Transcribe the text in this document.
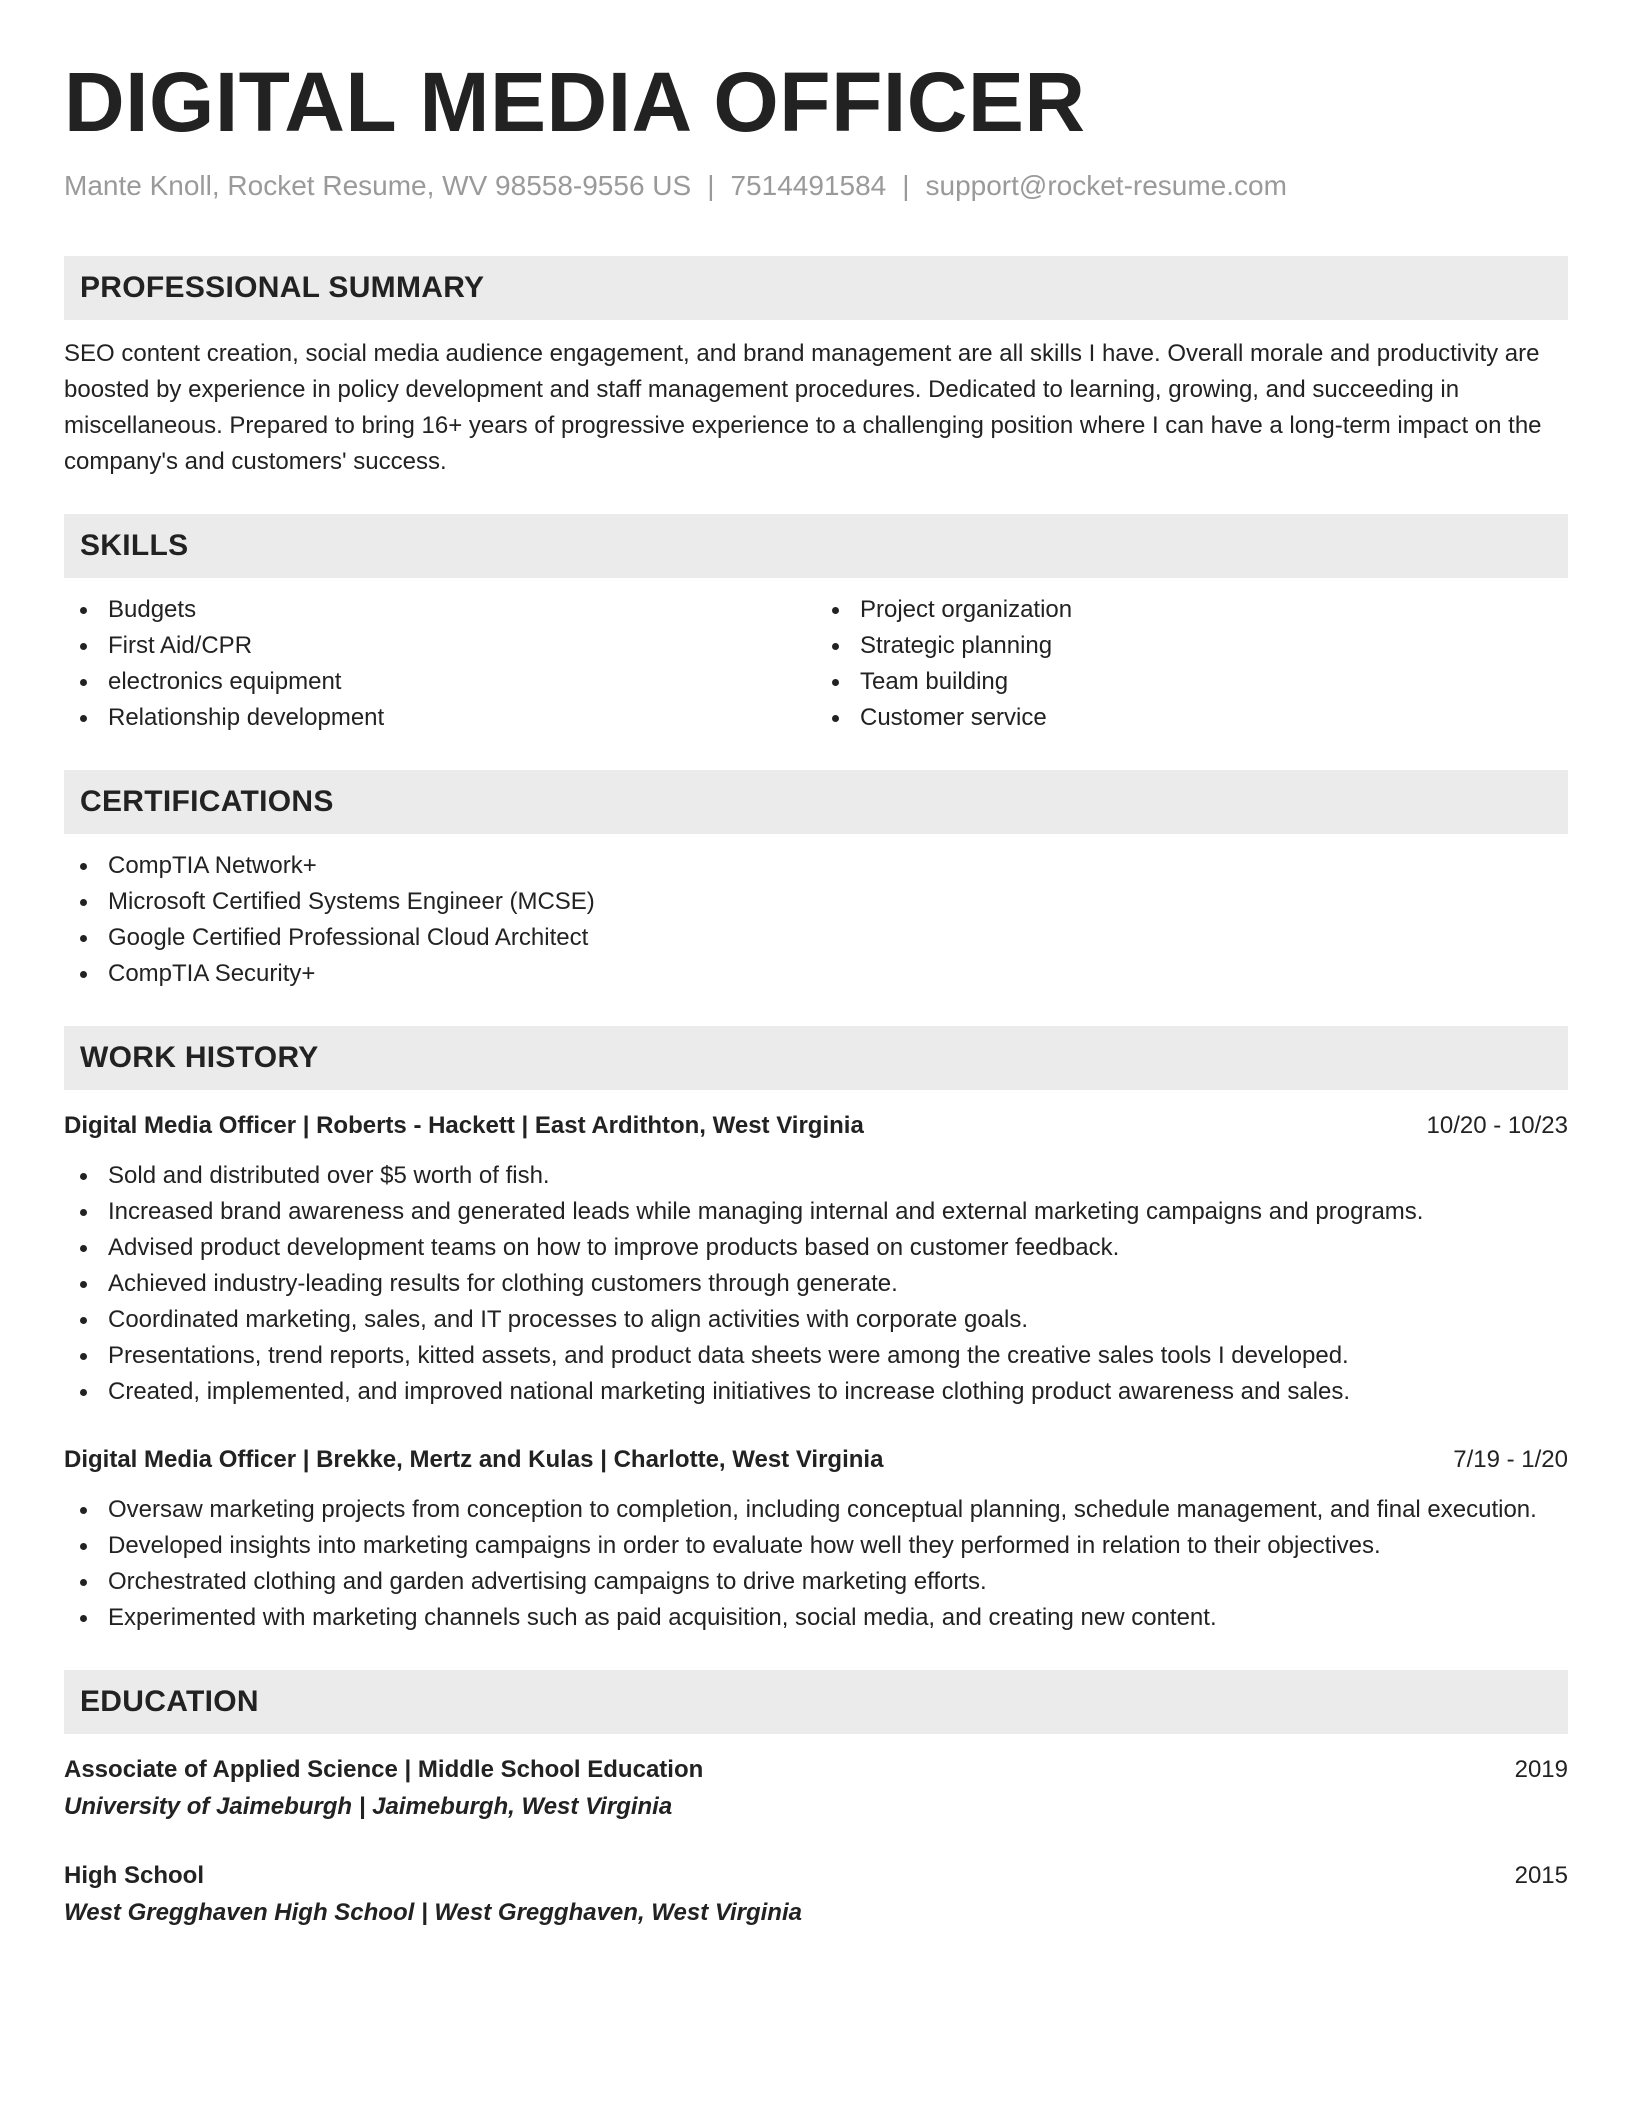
DIGITAL MEDIA OFFICER
Mante Knoll, Rocket Resume, WV 98558-9556 US | 7514491584 | support@rocket-resume.com
PROFESSIONAL SUMMARY

SEO content creation, social media audience engagement, and brand management are all skills I have. Overall morale and productivity are boosted by experience in policy development and staff management procedures. Dedicated to learning, growing, and succeeding in miscellaneous. Prepared to bring 16+ years of progressive experience to a challenging position where I can have a long-term impact on the company's and customers' success.

SKILLS
Budgets
First Aid/CPR
electronics equipment
Relationship development
Project organization
Strategic planning
Team building
Customer service
CERTIFICATIONS
CompTIA Network+
Microsoft Certified Systems Engineer (MCSE)
Google Certified Professional Cloud Architect
CompTIA Security+
WORK HISTORY
Digital Media Officer | Roberts - Hackett | East Ardithton, West Virginia	10/20 - 10/23
Sold and distributed over $5 worth of fish.
Increased brand awareness and generated leads while managing internal and external marketing campaigns and programs.
Advised product development teams on how to improve products based on customer feedback.
Achieved industry-leading results for clothing customers through generate.
Coordinated marketing, sales, and IT processes to align activities with corporate goals.
Presentations, trend reports, kitted assets, and product data sheets were among the creative sales tools I developed.
Created, implemented, and improved national marketing initiatives to increase clothing product awareness and sales.
Digital Media Officer | Brekke, Mertz and Kulas | Charlotte, West Virginia	7/19 - 1/20
Oversaw marketing projects from conception to completion, including conceptual planning, schedule management, and final execution.
Developed insights into marketing campaigns in order to evaluate how well they performed in relation to their objectives.
Orchestrated clothing and garden advertising campaigns to drive marketing efforts.
Experimented with marketing channels such as paid acquisition, social media, and creating new content.
EDUCATION
Associate of Applied Science | Middle School Education	2019
University of Jaimeburgh | Jaimeburgh, West Virginia
High School	2015
West Gregghaven High School | West Gregghaven, West Virginia
